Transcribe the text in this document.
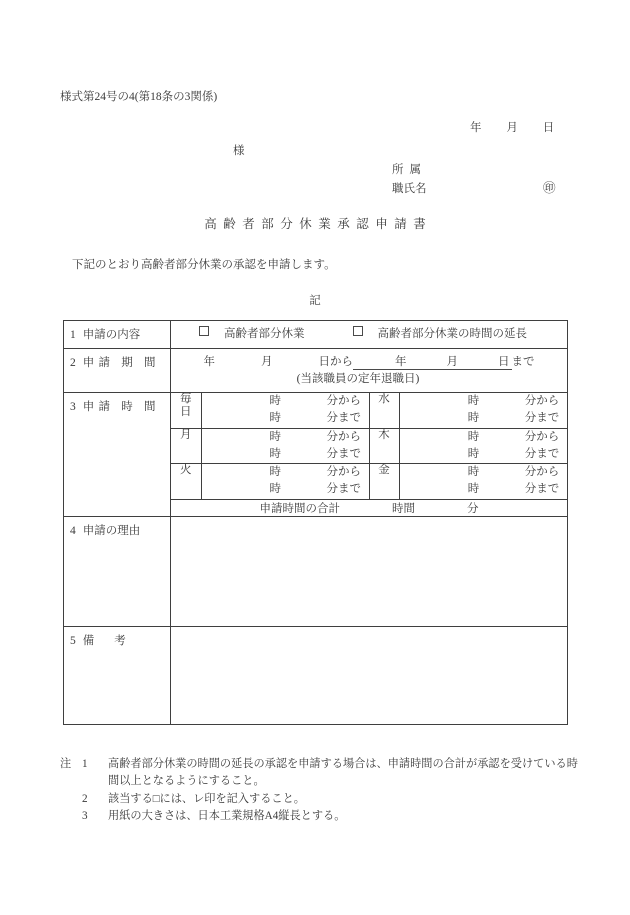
様式第24号の4(第18条の3関係)
年 月 日
様
所属
職氏名	㊞
高齢者部分休業承認申請書
下記のとおり高齢者部分休業の承認を申請します。
記
1 申請の内容	高齢者部分休業	高齢者部分休業の時間の延長

2 申請 期 間	年	月	日から	年	月	日 まで
(当該職員の定年退職日)

3 申請 時 間	
毎
日	
時	分から
時	分まで
	水	時	分から
時	分まで

月	時	分から
時	分まで
	木	時	分から
時	分まで

火	時	分から
時	分まで
	金	時	分から
時	分まで

申請時間の合計	時間	分

4 申請の理由	
5 備考	
注 1	高齢者部分休業の時間の延長の承認を申請する場合は、申請時間の合計が承認を受けている時間以上となるようにすること。
2	該当する□には、レ印を記入すること。
3	用紙の大きさは、日本工業規格A4縦長とする。
